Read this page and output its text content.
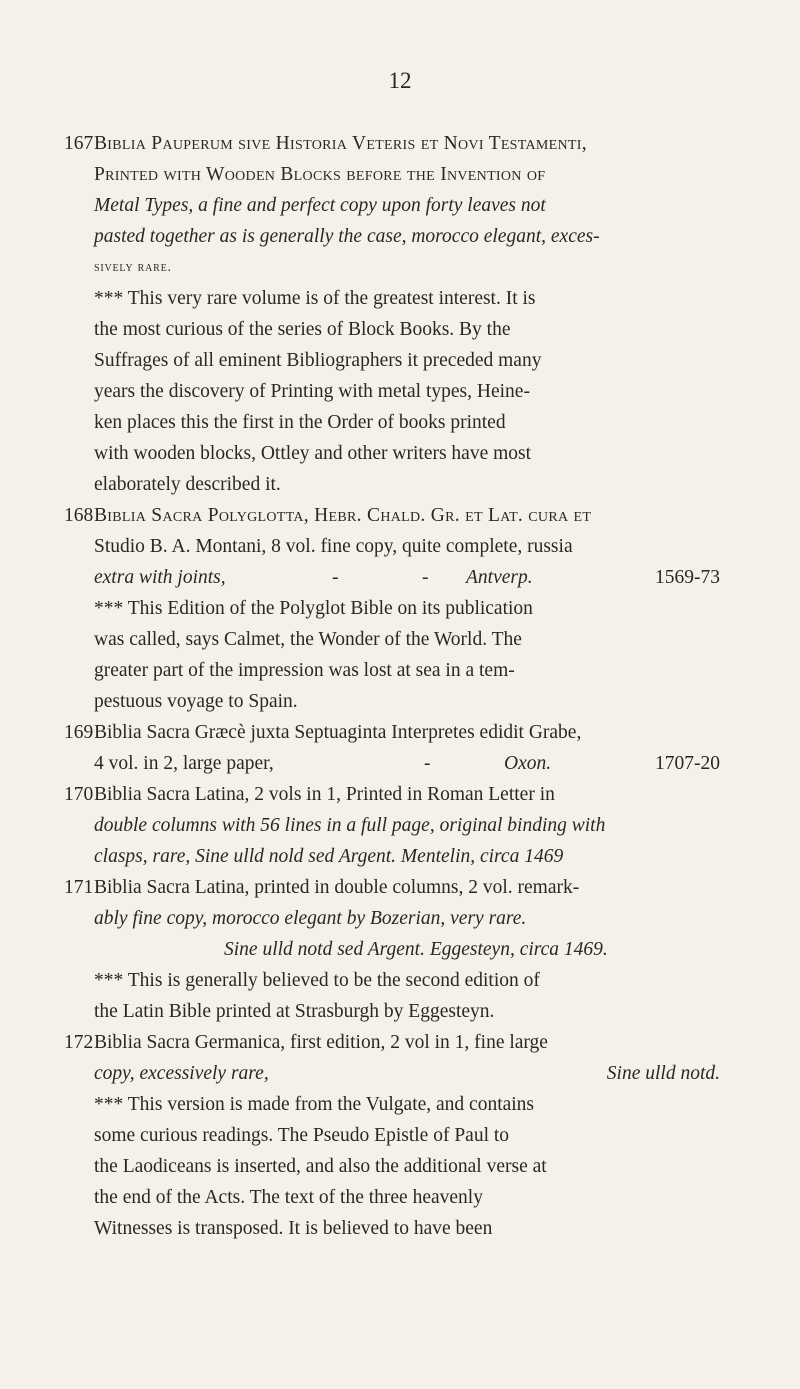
12
167 Biblia Pauperum sive Historia Veteris et Novi Testamenti,
Printed with Wooden Blocks before the Invention of
Metal Types, a fine and perfect copy upon forty leaves not
pasted together as is generally the case, morocco elegant, exces-
sively rare.
*** This very rare volume is of the greatest interest. It is
the most curious of the series of Block Books. By the
Suffrages of all eminent Bibliographers it preceded many
years the discovery of Printing with metal types, Heine-
ken places this the first in the Order of books printed
with wooden blocks, Ottley and other writers have most
elaborately described it.
168 Biblia Sacra Polyglotta, Hebr. Chald. Gr. et Lat. cura et
Studio B. A. Montani, 8 vol. fine copy, quite complete, russia
extra with joints,	-	- Antverp.	1569-73
*** This Edition of the Polyglot Bible on its publication
was called, says Calmet, the Wonder of the World. The
greater part of the impression was lost at sea in a tem-
pestuous voyage to Spain.
169 Biblia Sacra Græcè juxta Septuaginta Interpretes edidit Grabe,
4 vol. in 2, large paper,	-	Oxon.	1707-20
170 Biblia Sacra Latina, 2 vols in 1, Printed in Roman Letter in
double columns with 56 lines in a full page, original binding with
clasps, rare, Sine ulld nold sed Argent. Mentelin, circa 1469
171 Biblia Sacra Latina, printed in double columns, 2 vol. remark-
ably fine copy, morocco elegant by Bozerian, very rare.
Sine ulld notd sed Argent. Eggesteyn, circa 1469.
*** This is generally believed to be the second edition of
the Latin Bible printed at Strasburgh by Eggesteyn.
172 Biblia Sacra Germanica, first edition, 2 vol in 1, fine large
copy, excessively rare,	Sine ulld notd.
*** This version is made from the Vulgate, and contains
some curious readings. The Pseudo Epistle of Paul to
the Laodiceans is inserted, and also the additional verse at
the end of the Acts. The text of the three heavenly
Witnesses is transposed. It is believed to have been
